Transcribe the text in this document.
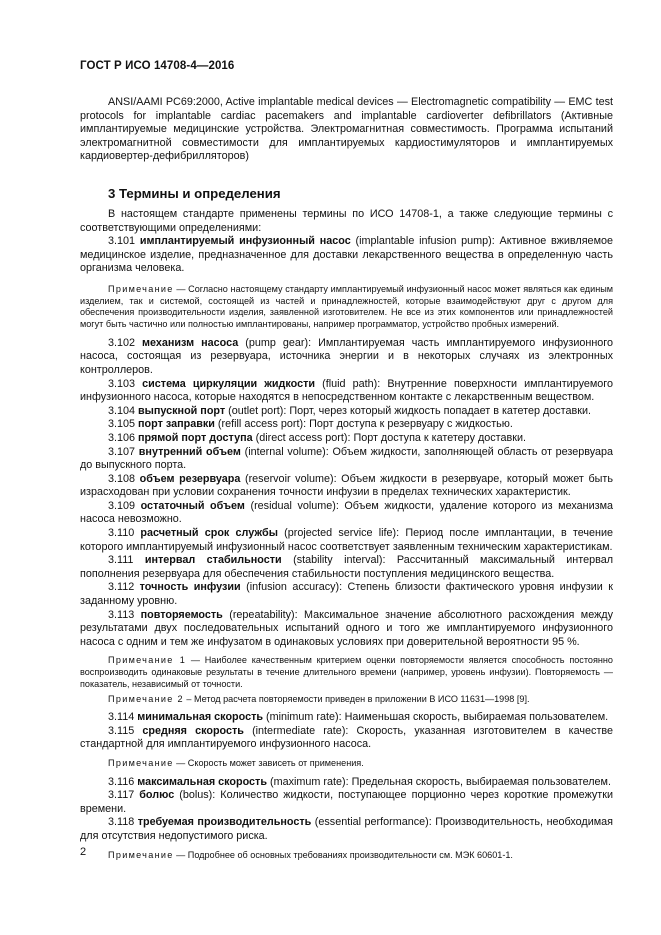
ГОСТ Р ИСО 14708-4—2016

ANSI/AAMI PC69:2000, Active implantable medical devices — Electromagnetic compatibility — EMC test protocols for implantable cardiac pacemakers and implantable cardioverter defibrillators (Активные имплантируемые медицинские устройства. Электромагнитная совместимость. Программа испытаний электромагнитной совместимости для имплантируемых кардиостимуляторов и имплантируемых кардиовертер-дефибрилляторов)

3 Термины и определения

В настоящем стандарте применены термины по ИСО 14708-1, а также следующие термины с соответствующими определениями:

3.101 имплантируемый инфузионный насос (implantable infusion pump): Активное вживляемое медицинское изделие, предназначенное для доставки лекарственного вещества в определенную часть организма человека.

Примечание — Согласно настоящему стандарту имплантируемый инфузионный насос может являться как единым изделием, так и системой, состоящей из частей и принадлежностей, которые взаимодействуют друг с другом для обеспечения производительности изделия, заявленной изготовителем. Не все из этих компонентов или принадлежностей могут быть частично или полностью имплантированы, например программатор, устройство пробных измерений.

3.102 механизм насоса (pump gear): Имплантируемая часть имплантируемого инфузионного насоса, состоящая из резервуара, источника энергии и в некоторых случаях из электронных контроллеров.

3.103 система циркуляции жидкости (fluid path): Внутренние поверхности имплантируемого инфузионного насоса, которые находятся в непосредственном контакте с лекарственным веществом.

3.104 выпускной порт (outlet port): Порт, через который жидкость попадает в катетер доставки.

3.105 порт заправки (refill access port): Порт доступа к резервуару с жидкостью.

3.106 прямой порт доступа (direct access port): Порт доступа к катетеру доставки.

3.107 внутренний объем (internal volume): Объем жидкости, заполняющей область от резервуара до выпускного порта.

3.108 объем резервуара (reservoir volume): Объем жидкости в резервуаре, который может быть израсходован при условии сохранения точности инфузии в пределах технических характеристик.

3.109 остаточный объем (residual volume): Объем жидкости, удаление которого из механизма насоса невозможно.

3.110 расчетный срок службы (projected service life): Период после имплантации, в течение которого имплантируемый инфузионный насос соответствует заявленным техническим характеристикам.

3.111 интервал стабильности (stability interval): Рассчитанный максимальный интервал пополнения резервуара для обеспечения стабильности поступления медицинского вещества.

3.112 точность инфузии (infusion accuracy): Степень близости фактического уровня инфузии к заданному уровню.

3.113 повторяемость (repeatability): Максимальное значение абсолютного расхождения между результатами двух последовательных испытаний одного и того же имплантируемого инфузионного насоса с одним и тем же инфузатом в одинаковых условиях при доверительной вероятности 95 %.

Примечание 1 — Наиболее качественным критерием оценки повторяемости является способность постоянно воспроизводить одинаковые результаты в течение длительного времени (например, уровень инфузии). Повторяемость — показатель, независимый от точности.

Примечание 2 – Метод расчета повторяемости приведен в приложении В ИСО 11631—1998 [9].

3.114 минимальная скорость (minimum rate): Наименьшая скорость, выбираемая пользователем.

3.115 средняя скорость (intermediate rate): Скорость, указанная изготовителем в качестве стандартной для имплантируемого инфузионного насоса.

Примечание — Скорость может зависеть от применения.

3.116 максимальная скорость (maximum rate): Предельная скорость, выбираемая пользователем.

3.117 болюс (bolus): Количество жидкости, поступающее порционно через короткие промежутки времени.

3.118 требуемая производительность (essential performance): Производительность, необходимая для отсутствия недопустимого риска.

Примечание — Подробнее об основных требованиях производительности см. МЭК 60601-1.

2
